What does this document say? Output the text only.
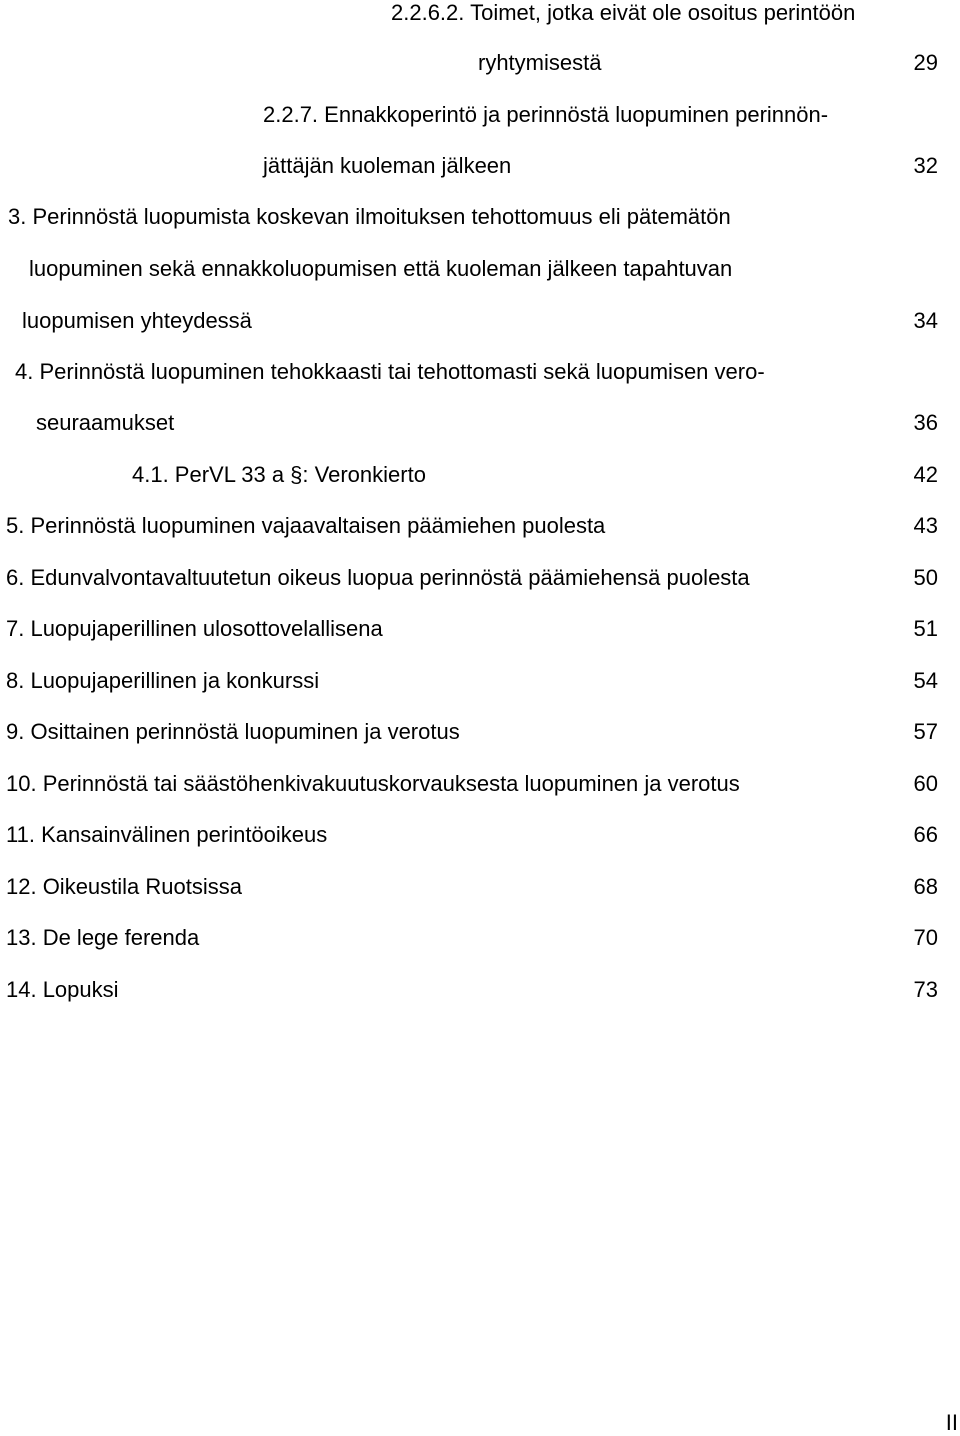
2.2.6.2. Toimet, jotka eivät ole osoitus perintöön
ryhtymisestä	29
2.2.7. Ennakkoperintö ja perinnöstä luopuminen perinnön-
jättäjän kuoleman jälkeen	32
3. Perinnöstä luopumista koskevan ilmoituksen tehottomuus eli pätemätön
luopuminen sekä ennakkoluopumisen että kuoleman jälkeen tapahtuvan
luopumisen yhteydessä	34
4. Perinnöstä luopuminen tehokkaasti tai tehottomasti sekä luopumisen vero-
seuraamukset	36
4.1. PerVL 33 a §: Veronkierto	42
5. Perinnöstä luopuminen vajaavaltaisen päämiehen puolesta	43
6. Edunvalvontavaltuutetun oikeus luopua perinnöstä päämiehensä puolesta	50
7. Luopujaperillinen ulosottovelallisena	51
8. Luopujaperillinen ja konkurssi	54
9. Osittainen perinnöstä luopuminen ja verotus	57
10. Perinnöstä tai säästöhenkivakuutuskorvauksesta luopuminen ja verotus	60
11. Kansainvälinen perintöoikeus	66
12. Oikeustila Ruotsissa	68
13. De lege ferenda	70
14. Lopuksi	73
II
